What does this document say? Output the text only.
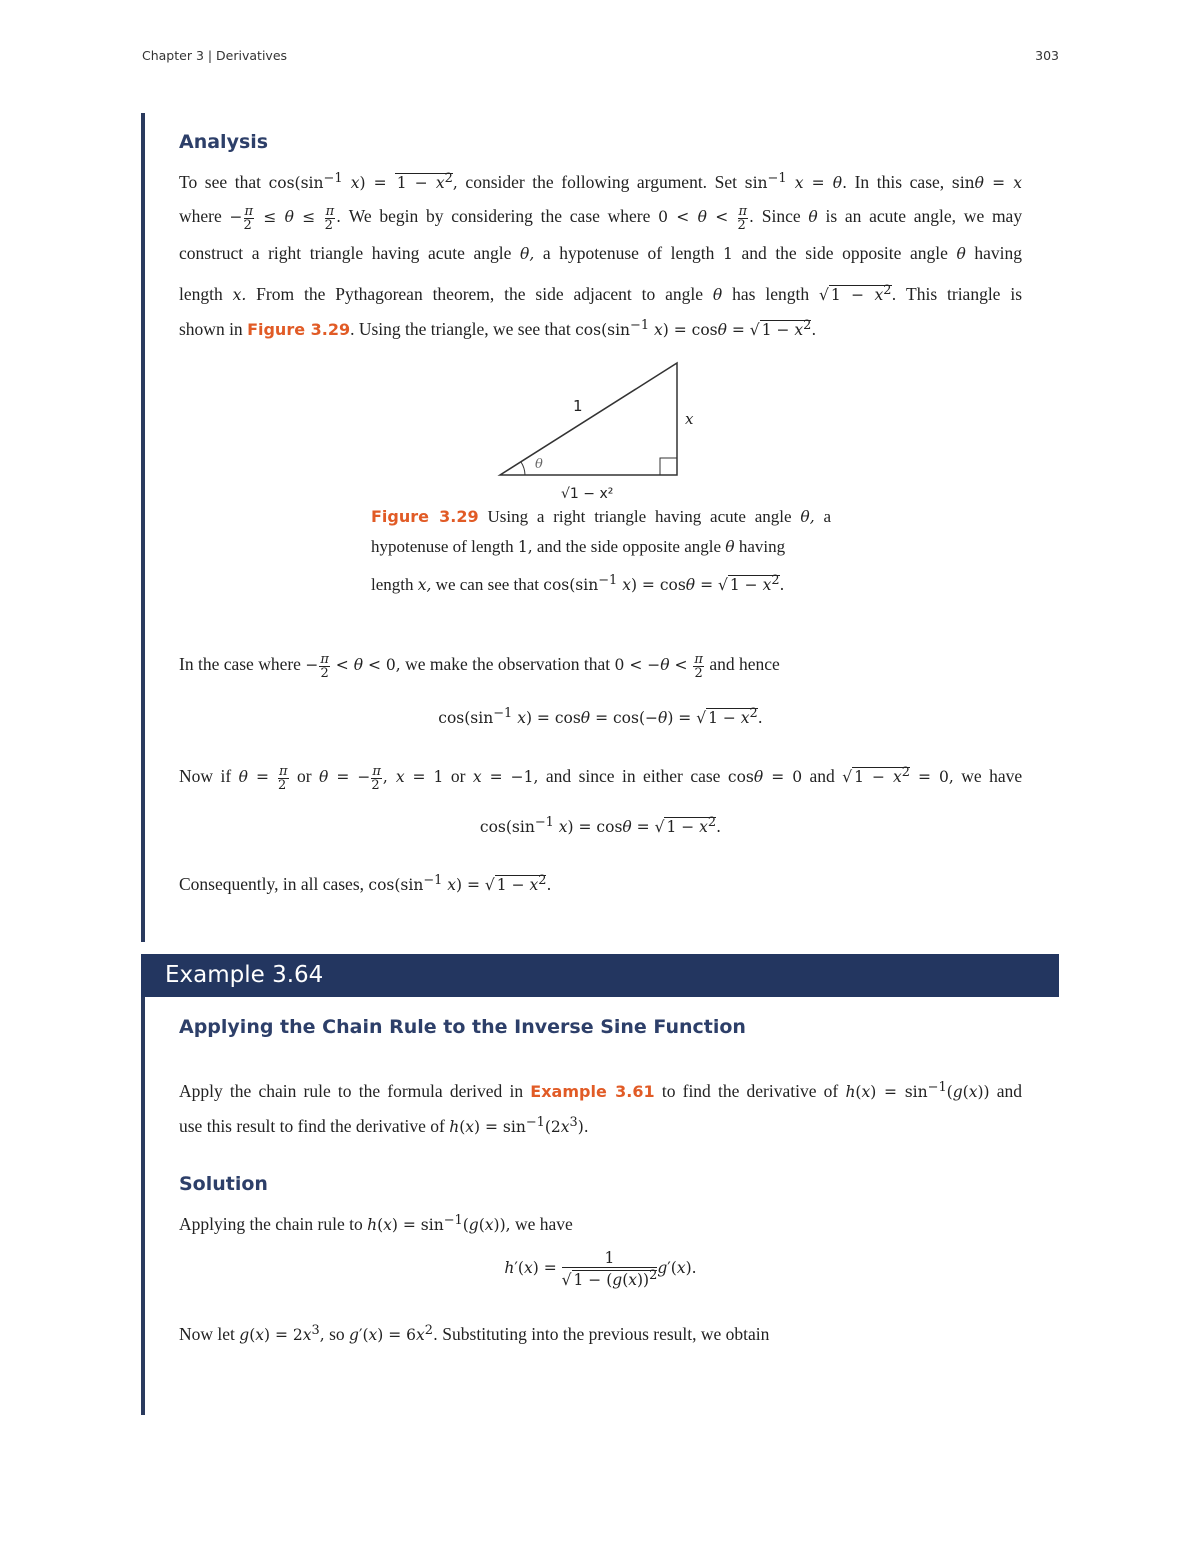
Chapter 3 | Derivatives	303
Analysis
To see that $\cos(\sin^{-1}$ $x) = 1 - x^2$, consider the following argument. Set $\sin^{-1} x = \theta$. In this case, sinθ = x
where − $\frac{\pi}{2} \le \theta \le \frac{\pi}{2}$ . We begin by considering the case where $0 < \theta < \frac{\pi}{2}$ . Since θ is an acute angle, we may
construct a right triangle having acute angle θ, a hypotenuse of length 1 and the side opposite angle θ having
length x. From the Pythagorean theorem, the side adjacent to angle θ has length √ $1 - x^2$. This triangle is
shown in Figure 3.29. Using the triangle, we see that $\cos(\sin^{-1}$ x) = cosθ = √ $1 - x^2$.
1
x
θ
√1 − x²
Figure 3.29 Using a right triangle having acute angle θ, a
hypotenuse of length 1, and the side opposite angle θ having
length x, we can see that $\cos(\sin^{-1}$ x) = cosθ = √ $1 - x^2$.
In the case where − $\frac{\pi}{2} < \theta < 0$, we make the observation that $0 < -\theta < \frac{\pi}{2}$ and hence
$\cos(\sin^{-1}$ x) = cosθ = cos(−θ) = √ $1 - x^2$.
Now if $\theta = \frac{\pi}{2}$ or θ = − $\frac{\pi}{2}$ , x = 1 or x = −1, and since in either case cosθ = 0 and √ $1 - x^2 = 0$, we have
$\cos(\sin^{-1}$ x) = cosθ = √ $1 - x^2$.
Consequently, in all cases, $\cos(\sin^{-1}$ x) = √ $1 - x^2$.
Example 3.64
Applying the Chain Rule to the Inverse Sine Function
Apply the chain rule to the formula derived in Example 3.61 to find the derivative of $h(x) = \sin^{-1}(g(x))$ and
use this result to find the derivative of $h(x) = \sin^{-1}(2x^3)$.
Solution
Applying the chain rule to $h(x) = \sin^{-1}(g(x))$, we have
$h'(x) = \frac{1}{√ 1 - (g(x))^2} g'(x)$.
Now let $g(x) = 2x^3$, so $g'(x) = 6x^2$. Substituting into the previous result, we obtain
